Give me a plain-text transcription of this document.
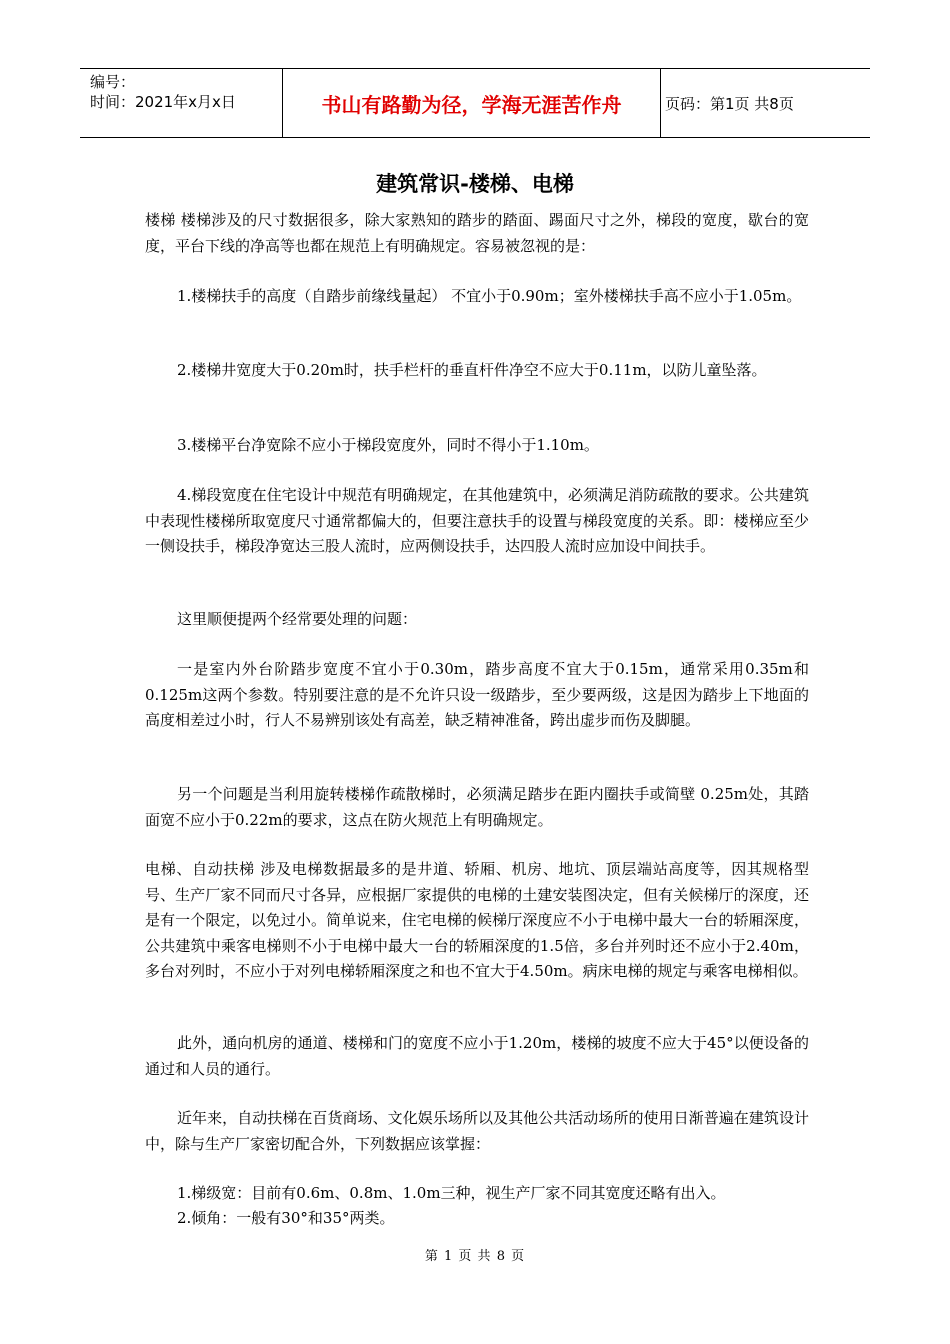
编号：
时间：2021年x月x日	书山有路勤为径，学海无涯苦作舟	页码：第1页 共8页
建筑常识-楼梯、电梯

楼梯 楼梯涉及的尺寸数据很多，除大家熟知的踏步的踏面、踢面尺寸之外，梯段的宽度，歇台的宽度，平台下线的净高等也都在规范上有明确规定。容易被忽视的是：

1.楼梯扶手的高度（自踏步前缘线量起） 不宜小于0.90m；室外楼梯扶手高不应小于1.05m。

2.楼梯井宽度大于0.20m时，扶手栏杆的垂直杆件净空不应大于0.11m，以防儿童坠落。

3.楼梯平台净宽除不应小于梯段宽度外，同时不得小于1.10m。

4.梯段宽度在住宅设计中规范有明确规定，在其他建筑中，必须满足消防疏散的要求。公共建筑中表现性楼梯所取宽度尺寸通常都偏大的，但要注意扶手的设置与梯段宽度的关系。即：楼梯应至少一侧设扶手，梯段净宽达三股人流时，应两侧设扶手，达四股人流时应加设中间扶手。

这里顺便提两个经常要处理的问题：

一是室内外台阶踏步宽度不宜小于0.30m，踏步高度不宜大于0.15m，通常采用0.35m和0.125m这两个参数。特别要注意的是不允许只设一级踏步，至少要两级，这是因为踏步上下地面的高度相差过小时，行人不易辨别该处有高差，缺乏精神准备，跨出虚步而伤及脚腿。

另一个问题是当利用旋转楼梯作疏散梯时，必须满足踏步在距内圈扶手或简壁 0.25m处，其踏面宽不应小于0.22m的要求，这点在防火规范上有明确规定。

电梯、自动扶梯 涉及电梯数据最多的是井道、轿厢、机房、地坑、顶层端站高度等，因其规格型号、生产厂家不同而尺寸各异，应根据厂家提供的电梯的土建安装图决定，但有关候梯厅的深度，还是有一个限定，以免过小。简单说来，住宅电梯的候梯厅深度应不小于电梯中最大一台的轿厢深度，公共建筑中乘客电梯则不小于电梯中最大一台的轿厢深度的1.5倍，多台并列时还不应小于2.40m，多台对列时，不应小于对列电梯轿厢深度之和也不宜大于4.50m。病床电梯的规定与乘客电梯相似。

此外，通向机房的通道、楼梯和门的宽度不应小于1.20m，楼梯的坡度不应大于45°以便设备的通过和人员的通行。

近年来，自动扶梯在百货商场、文化娱乐场所以及其他公共活动场所的使用日渐普遍在建筑设计中，除与生产厂家密切配合外，下列数据应该掌握：

1.梯级宽：目前有0.6m、0.8m、1.0m三种，视生产厂家不同其宽度还略有出入。

2.倾角：一般有30°和35°两类。

第 1 页 共 8 页
